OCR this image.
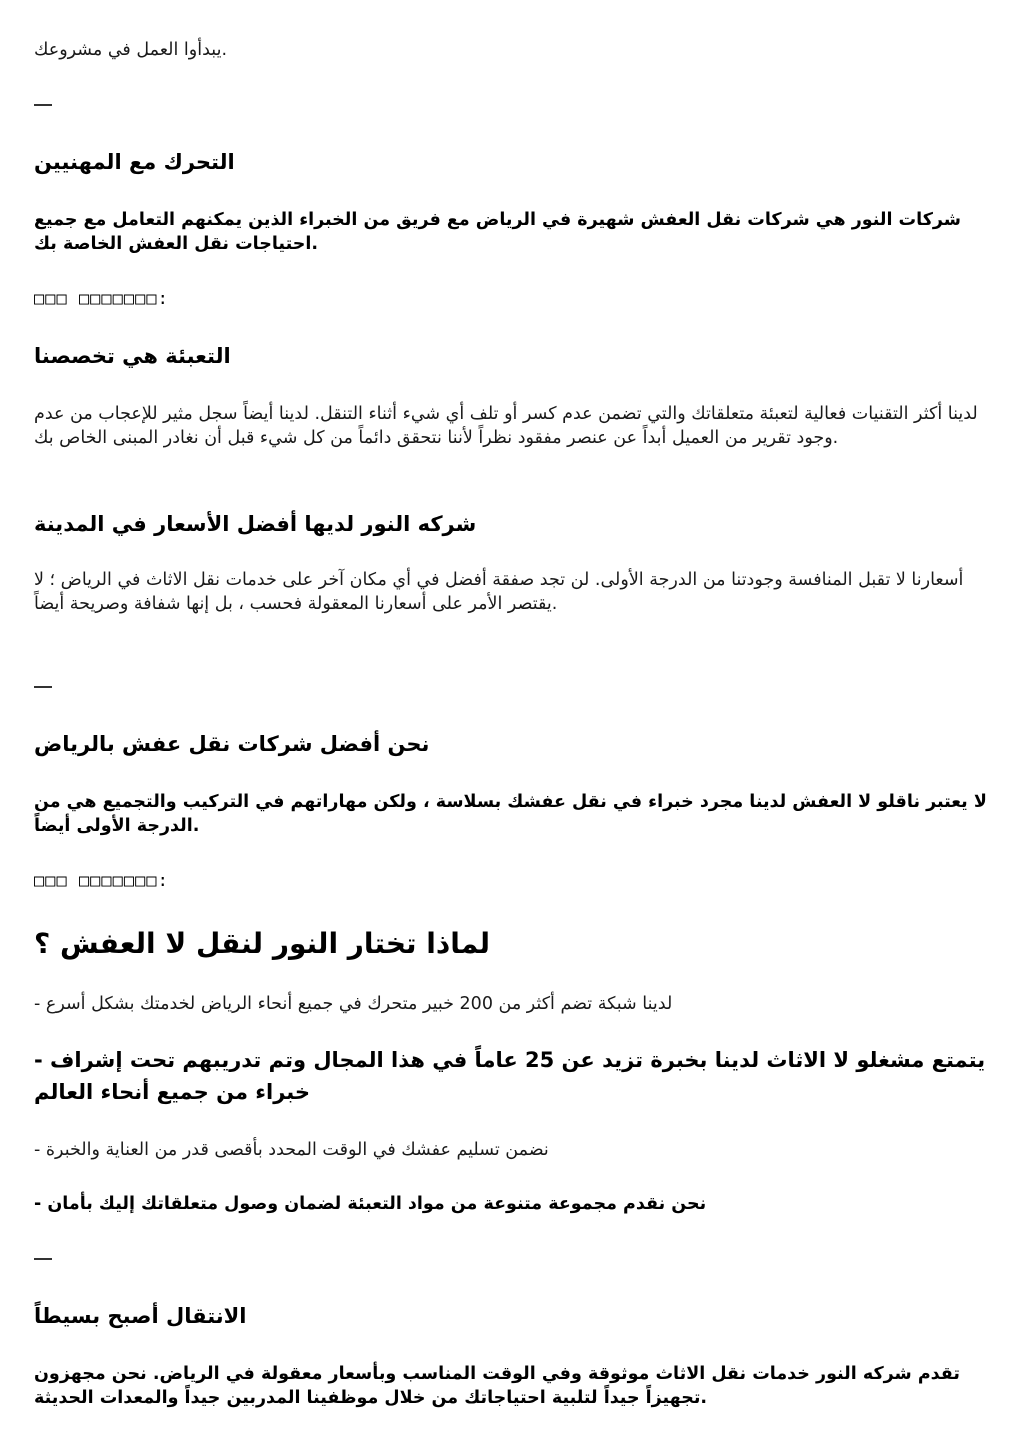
يبدأوا العمل في مشروعك.

التحرك مع المهنيين

شركات النور هي شركات نقل العفش شهيرة في الرياض مع فريق من الخبراء الذين يمكنهم التعامل مع جميع احتياجات نقل العفش الخاصة بك.

□□□ □□□□□□□:

التعبئة هي تخصصنا

لدينا أكثر التقنيات فعالية لتعبئة متعلقاتك والتي تضمن عدم كسر أو تلف أي شيء أثناء التنقل. لدينا أيضاً سجل مثير للإعجاب من عدم وجود تقرير من العميل أبداً عن عنصر مفقود نظراً لأننا نتحقق دائماً من كل شيء قبل أن نغادر المبنى الخاص بك.

شركه النور لديها أفضل الأسعار في المدينة

أسعارنا لا تقبل المنافسة وجودتنا من الدرجة الأولى. لن تجد صفقة أفضل في أي مكان آخر على خدمات نقل الاثاث في الرياض ؛ لا يقتصر الأمر على أسعارنا المعقولة فحسب ، بل إنها شفافة وصريحة أيضاً.

نحن أفضل شركات نقل عفش بالرياض

لا يعتبر ناقلو لا العفش لدينا مجرد خبراء في نقل عفشك بسلاسة ، ولكن مهاراتهم في التركيب والتجميع هي من الدرجة الأولى أيضاً.

□□□ □□□□□□□:

لماذا تختار النور لنقل لا العفش ؟

- لدينا شبكة تضم أكثر من 200 خبير متحرك في جميع أنحاء الرياض لخدمتك بشكل أسرع

- يتمتع مشغلو لا الاثاث لدينا بخبرة تزيد عن 25 عاماً في هذا المجال وتم تدريبهم تحت إشراف خبراء من جميع أنحاء العالم

- نضمن تسليم عفشك في الوقت المحدد بأقصى قدر من العناية والخبرة

- نحن نقدم مجموعة متنوعة من مواد التعبئة لضمان وصول متعلقاتك إليك بأمان

الانتقال أصبح بسيطاً

تقدم شركه النور خدمات نقل الاثاث موثوقة وفي الوقت المناسب وبأسعار معقولة في الرياض. نحن مجهزون تجهيزاً جيداً لتلبية احتياجاتك من خلال موظفينا المدربين جيداً والمعدات الحديثة.
